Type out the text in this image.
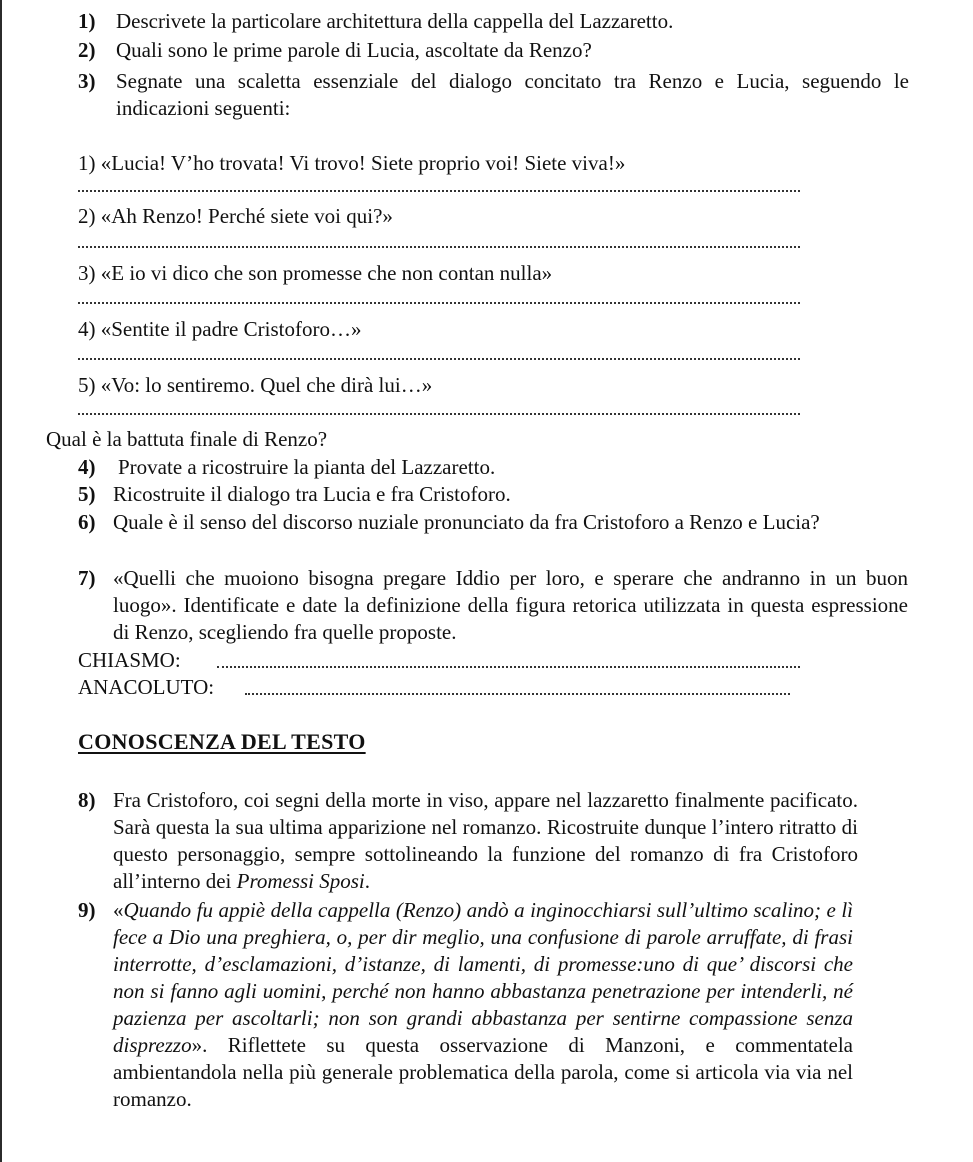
1) Descrivete la particolare architettura della cappella del Lazzaretto.
2) Quali sono le prime parole di Lucia, ascoltate da Renzo?
3) Segnate una scaletta essenziale del dialogo concitato tra Renzo e Lucia, seguendo le indicazioni seguenti:
1) «Lucia! V’ho trovata! Vi trovo! Siete proprio voi! Siete viva!»
2) «Ah Renzo! Perché siete voi qui?»
3) «E io vi dico che son promesse che non contan nulla»
4) «Sentite il padre Cristoforo…»
5) «Vo: lo sentiremo. Quel che dirà lui…»
Qual è la battuta finale di Renzo?
4) Provate a ricostruire la pianta del Lazzaretto.
5) Ricostruite il dialogo tra Lucia e fra Cristoforo.
6) Quale è il senso del discorso nuziale pronunciato da fra Cristoforo a Renzo e Lucia?
7) «Quelli che muoiono bisogna pregare Iddio per loro, e sperare che andranno in un buon luogo». Identificate e date la definizione della figura retorica utilizzata in questa espressione di Renzo, scegliendo fra quelle proposte.
CHIASMO:
ANACOLUTO:
CONOSCENZA DEL TESTO
8) Fra Cristoforo, coi segni della morte in viso, appare nel lazzaretto finalmente pacificato. Sarà questa la sua ultima apparizione nel romanzo. Ricostruite dunque l’intero ritratto di questo personaggio, sempre sottolineando la funzione del romanzo di fra Cristoforo all’interno dei Promessi Sposi.
9) «Quando fu appiè della cappella (Renzo) andò a inginocchiarsi sull’ultimo scalino; e lì fece a Dio una preghiera, o, per dir meglio, una confusione di parole arruffate, di frasi interrotte, d’esclamazioni, d’istanze, di lamenti, di promesse:uno di que’ discorsi che non si fanno agli uomini, perché non hanno abbastanza penetrazione per intenderli, né pazienza per ascoltarli; non son grandi abbastanza per sentirne compassione senza disprezzo». Riflettete su questa osservazione di Manzoni, e commentatela ambientandola nella più generale problematica della parola, come si articola via via nel romanzo.
